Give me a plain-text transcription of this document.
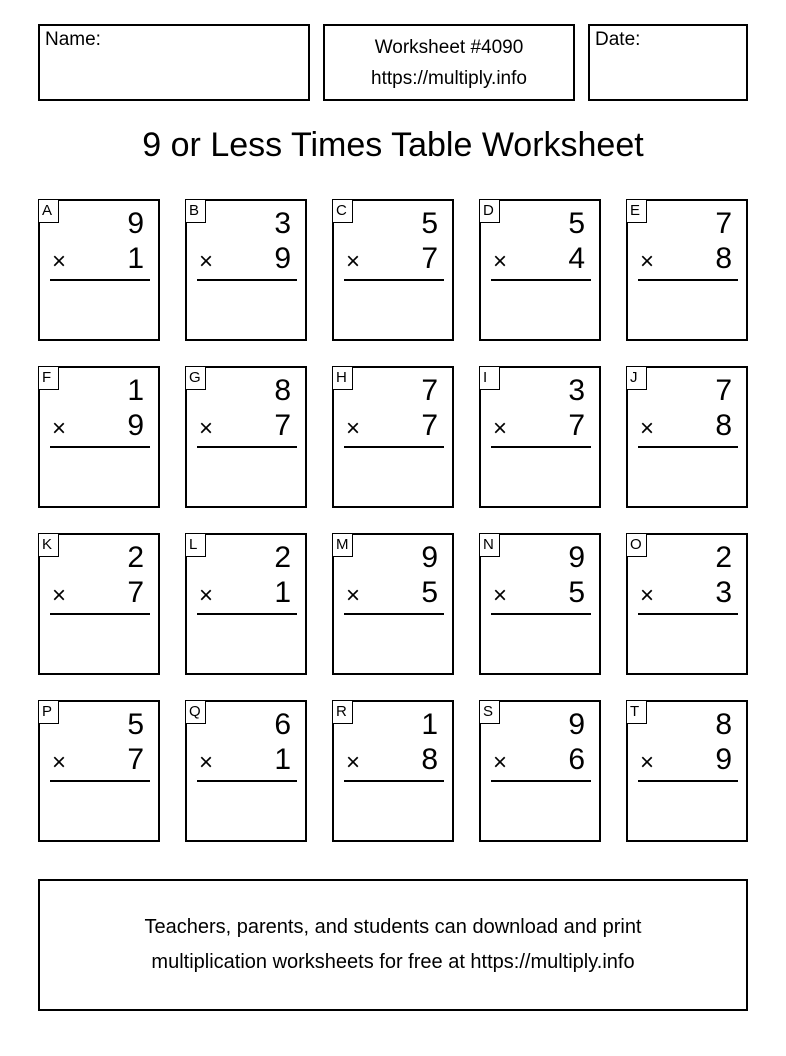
Name:	Worksheet #4090
https://multiply.info
Date:
9 or Less Times Table Worksheet
A	9
× 1
B	3
× 9
C 5
× 7
D 5
× 4
E	7
× 8
F	1
× 9
G 8
× 7
H 7
× 7
I	3
× 7
J	7
× 8
K	2
× 7
L	2
× 1
M 9
× 5
N 9
× 5
O 2
× 3
P	5
× 7
Q 6
× 1
R 1
× 8
S	9
× 6
T	8
× 9
Teachers, parents, and students can download and print
multiplication worksheets for free at https://multiply.info
